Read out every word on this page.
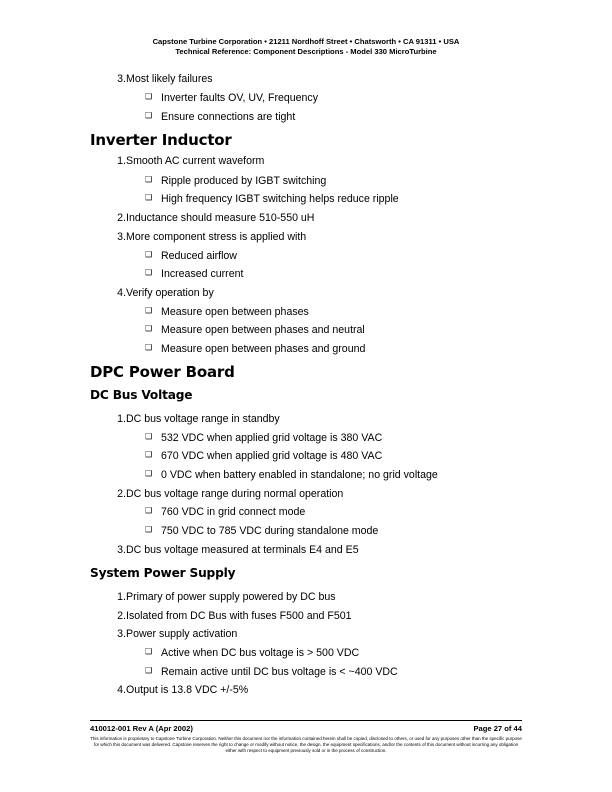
Capstone Turbine Corporation • 21211 Nordhoff Street • Chatsworth • CA 91311 • USA
Technical Reference: Component Descriptions - Model 330 MicroTurbine
3. Most likely failures
❑ Inverter faults OV, UV, Frequency
❑ Ensure connections are tight
Inverter Inductor
1. Smooth AC current waveform
❑ Ripple produced by IGBT switching
❑ High frequency IGBT switching helps reduce ripple
2. Inductance should measure 510-550 uH
3. More component stress is applied with
❑ Reduced airflow
❑ Increased current
4. Verify operation by
❑ Measure open between phases
❑ Measure open between phases and neutral
❑ Measure open between phases and ground
DPC Power Board
DC Bus Voltage
1. DC bus voltage range in standby
❑ 532 VDC when applied grid voltage is 380 VAC
❑ 670 VDC when applied grid voltage is 480 VAC
❑ 0 VDC when battery enabled in standalone; no grid voltage
2. DC bus voltage range during normal operation
❑ 760 VDC in grid connect mode
❑ 750 VDC to 785 VDC during standalone mode
3. DC bus voltage measured at terminals E4 and E5
System Power Supply
1. Primary of power supply powered by DC bus
2. Isolated from DC Bus with fuses F500 and F501
3. Power supply activation
❑ Active when DC bus voltage is > 500 VDC
❑ Remain active until DC bus voltage is < ~400 VDC
4. Output is 13.8 VDC +/-5%
410012-001 Rev A (Apr 2002)	Page 27 of 44
This information is proprietary to Capstone Turbine Corporation. Neither this document nor the information contained herein shall be copied, disclosed to others, or used for any purposes other than the specific purpose for which this document was delivered. Capstone reserves the right to change or modify without notice, the design, the equipment specifications, and/or the contents of this document without incurring any obligation either with respect to equipment previously sold or in the process of construction.
